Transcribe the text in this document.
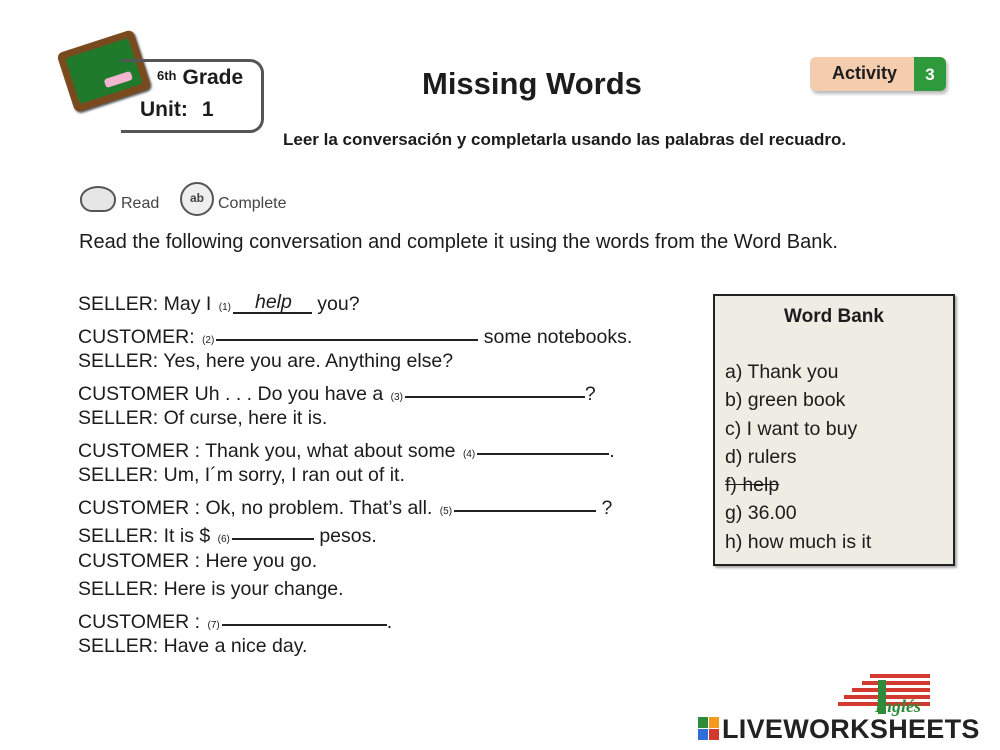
$^{6th}$ Grade
Unit: 1
Missing Words	Activity	3
Leer la conversación y completarla usando las palabras del recuadro.
Read	ab Complete
Read the following conversation and complete it using the words from the Word Bank.
SELLER: May I (1) help you?
CUSTOMER: (2)	some notebooks.
SELLER: Yes, here you are. Anything else?
CUSTOMER Uh . . . Do you have a (3)	?
SELLER: Of curse, here it is.
CUSTOMER : Thank you, what about some (4)	.
SELLER: Um, I´m sorry, I ran out of it.
CUSTOMER : Ok, no problem. That’s all. (5)	?
SELLER: It is $ (6)	pesos.
CUSTOMER : Here you go.
SELLER: Here is your change.
CUSTOMER : (7)	.
SELLER: Have a nice day.
Word Bank
a) Thank you
b) green book
c) I want to buy
d) rulers
f) help
g) 36.00
h) how much is it
Inglés
LIVEWORKSHEETS
